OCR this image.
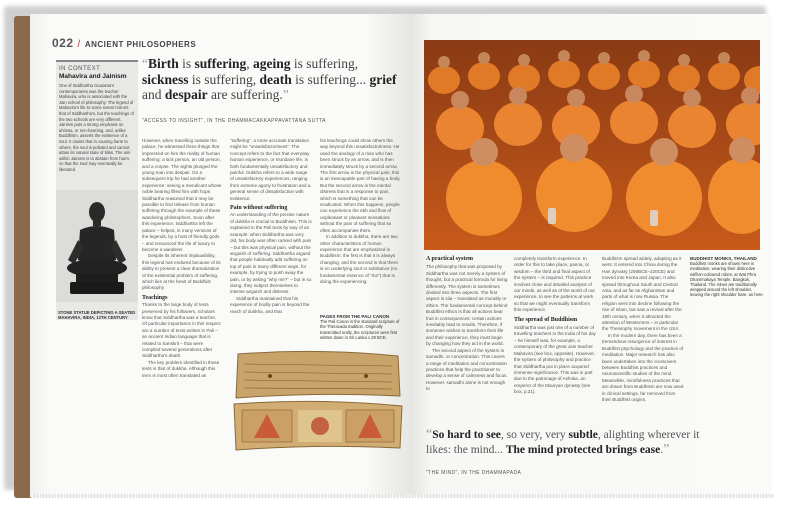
022 / ANCIENT PHILOSOPHERS
IN CONTEXT
Mahavira and Jainism
One of Siddhartha Gautama's contemporaries was the teacher Mahavira, who is associated with the Jain school of philosophy. The legend of Mahavira's life to some extent mirrors that of Siddhartha's, but the teachings of the two schools are very different. Jainism puts a strong emphasis on ahimsa, or non-harming, and, unlike Buddhism, asserts the existence of a soul. It claims that in causing harm to others, the soul is polluted and cannot attain its natural state of bliss. The aim within Jainism is to abstain from harm, so that the soul may eventually be liberated.
STONE STATUE DEPICTING A SEATED MAHAVIRA, INDIA, 12TH CENTURY
“Birth is suffering, ageing is suffering, sickness is suffering, death is suffering... grief and despair are suffering.”
"ACCESS TO INSIGHT", IN THE DHAMMACAKKAPPAVATTANA SUTTA

However, when travelling outside the palace, he witnessed three things that impressed on him the reality of human suffering: a sick person, an old person, and a corpse. The sights plunged the young man into despair. On a subsequent trip he had another experience: seeing a mendicant whose noble bearing filled him with hope. Siddhartha reasoned that it may be possible to find release from human suffering through the example of these wandering philosophers. Soon after this experience, Siddhartha left the palace – helped, in many versions of the legends, by a host of friendly gods – and renounced the life of luxury to become a wanderer.

Despite its inherent implausibility, this legend has endured because of its ability to present a clear dramatization of the existential problem of suffering, which lies at the heart of Buddhist philosophy.

Teachings

Thanks to the large body of texts preserved by his followers, scholars know that Siddhartha was a teacher. Of particular importance in this respect are a number of texts written in Pali – an ancient Indian language that is related to Sanskrit – that were compiled several generations after Siddhartha's death.

The key problem identified in these texts is that of dukkha. Although this term is most often translated as

"suffering", a more accurate translation might be "unsatisfactoriness". The concept refers to the fact that everyday human experience, or mundane life, is both fundamentally unsatisfactory and painful. Dukkha refers to a wide range of unsatisfactory experiences, ranging from extreme agony to frustration and a general sense of dissatisfaction with existence.

Pain without suffering

An understanding of the precise nature of dukkha is crucial to Buddhism. This is explained in the Pali texts by way of an example: when Siddhartha was very old, his body was often racked with pain – but this was physical pain, without the anguish of suffering. Siddhartha argued that people habitually add suffering on top of pain in many different ways, for example, by trying to push away the pain, or by asking "why me?" – but in so doing, they subject themselves to intense anguish and distress.

Siddhartha maintained that his experience of bodily pain is beyond the reach of dukkha, and that

his teachings could show others the way beyond this unsatisfactoriness. He used the analogy of a man who has been struck by an arrow, and is then immediately struck by a second arrow. The first arrow is the physical pain; this is an inescapable part of having a body. But the second arrow is the mental distress that is a response to pain, which is something that can be eradicated. When this happens, people can experience the ebb and flow of unpleasant or pleasant sensations without the pain of suffering that so often accompanies them.

In addition to dukkha, there are two other characteristics of human experience that are emphasized in Buddhism: the first is that it is always changing, and the second is that there is no underlying soul or substance (no fundamental essence of "me") that is doing the experiencing.

PAGES FROM THE PALI CANON
The Pali Canon is the standard scripture of the Theravada tradition. Originally transmitted orally, the scriptures were first written down in Sri Lanka c.29 BCE.
A practical system

The philosophy that was proposed by Siddhartha was not merely a system of thought, but a practical formula for living differently. The system is sometimes divided into three aspects. The first aspect is sila – translated as morality or ethics. The fundamental concept behind Buddhist ethics is that all actions bear fruit in consequences: certain actions inevitably lead to results. Therefore, if someone wishes to transform their life and their experience, they must begin by changing how they act in the world.

The second aspect of the system is samadhi, or concentration. This covers a range of meditation and concentration practices that help the practitioner to develop a sense of calmness and focus. However, samadhi alone is not enough to

completely transform experience. In order for this to take place, panna, or wisdom – the third and final aspect of the system – is required. This practice involves close and detailed analysis of our minds, as well as of the world of our experience, to see the patterns at work so that we might eventually transform this experience.

The spread of Buddhism

Siddhartha was just one of a number of travelling teachers in the India of his day – he himself was, for example, a contemporary of the great Jain teacher Mahavira (see box, opposite). However, the system of philosophy and practice that Siddhartha put in place acquired immense significance. This was in part due to the patronage of Ashoka, an emperor of the Mauryan dynasty (see box, p.21).

Buddhism spread widely, adapting as it went. It entered into China during the Han dynasty (206BCE–220CE) and moved into Korea and Japan. It also spread throughout South and Central Asia, and as far as Afghanistan and parts of what is now Russia. The religion went into decline following the rise of Islam, but saw a revival after the 19th century, when it attracted the attention of Westerners – in particular the Theosophy movement in the USA.

In the modern day, there has been a tremendous resurgence of interest in Buddhist psychology and the practice of meditation. Major research has also been undertaken into the crossovers between Buddhist practices and neuroscientific studies of the mind. Meanwhile, mindfulness practices that are drawn from Buddhism are now used in clinical settings, far removed from their Buddhist origins.

BUDDHIST MONKS, THAILAND
Buddhist monks are shown here in meditation, wearing their distinctive saffron-coloured robes, at Wat Phra Dhammakaya Temple, Bangkok, Thailand. The robes are traditionally wrapped around the left shoulder, leaving the right shoulder bare, as here.
“So hard to see, so very, very subtle, alighting wherever it likes: the mind... The mind protected brings ease.”
"THE MIND", IN THE DHAMMAPADA
